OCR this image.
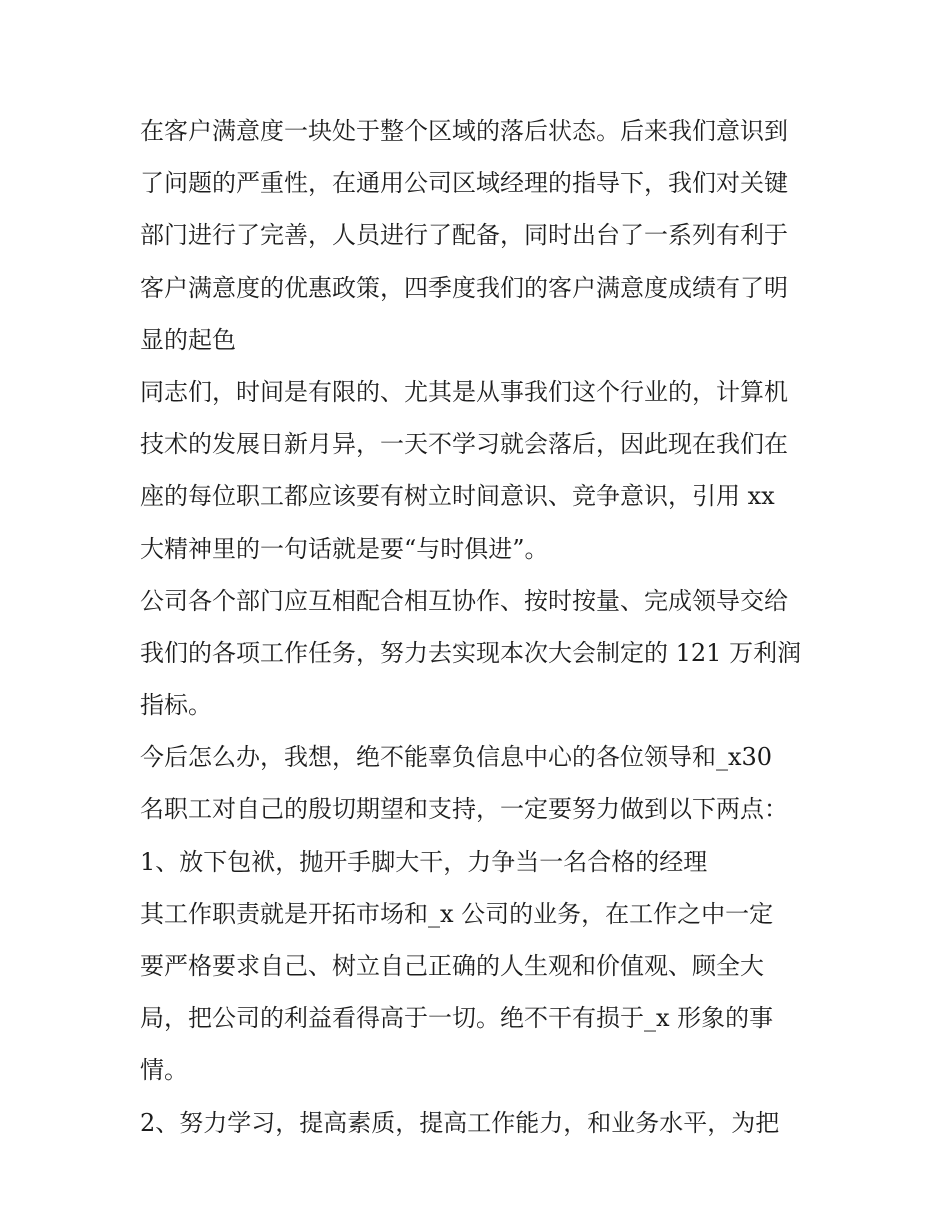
在客户满意度一块处于整个区域的落后状态。后来我们意识到
了问题的严重性，在通用公司区域经理的指导下，我们对关键
部门进行了完善，人员进行了配备，同时出台了一系列有利于
客户满意度的优惠政策，四季度我们的客户满意度成绩有了明
显的起色
同志们，时间是有限的、尤其是从事我们这个行业的，计算机
技术的发展日新月异，一天不学习就会落后，因此现在我们在
座的每位职工都应该要有树立时间意识、竞争意识，引用 xx
大精神里的一句话就是要“与时俱进”。
公司各个部门应互相配合相互协作、按时按量、完成领导交给
我们的各项工作任务，努力去实现本次大会制定的 121 万利润
指标。
今后怎么办，我想，绝不能辜负信息中心的各位领导和_x30
名职工对自己的殷切期望和支持，一定要努力做到以下两点：
1、放下包袱，抛开手脚大干，力争当一名合格的经理
其工作职责就是开拓市场和_x 公司的业务，在工作之中一定
要严格要求自己、树立自己正确的人生观和价值观、顾全大
局，把公司的利益看得高于一切。绝不干有损于_x 形象的事
情。
2、努力学习，提高素质，提高工作能力，和业务水平，为把
